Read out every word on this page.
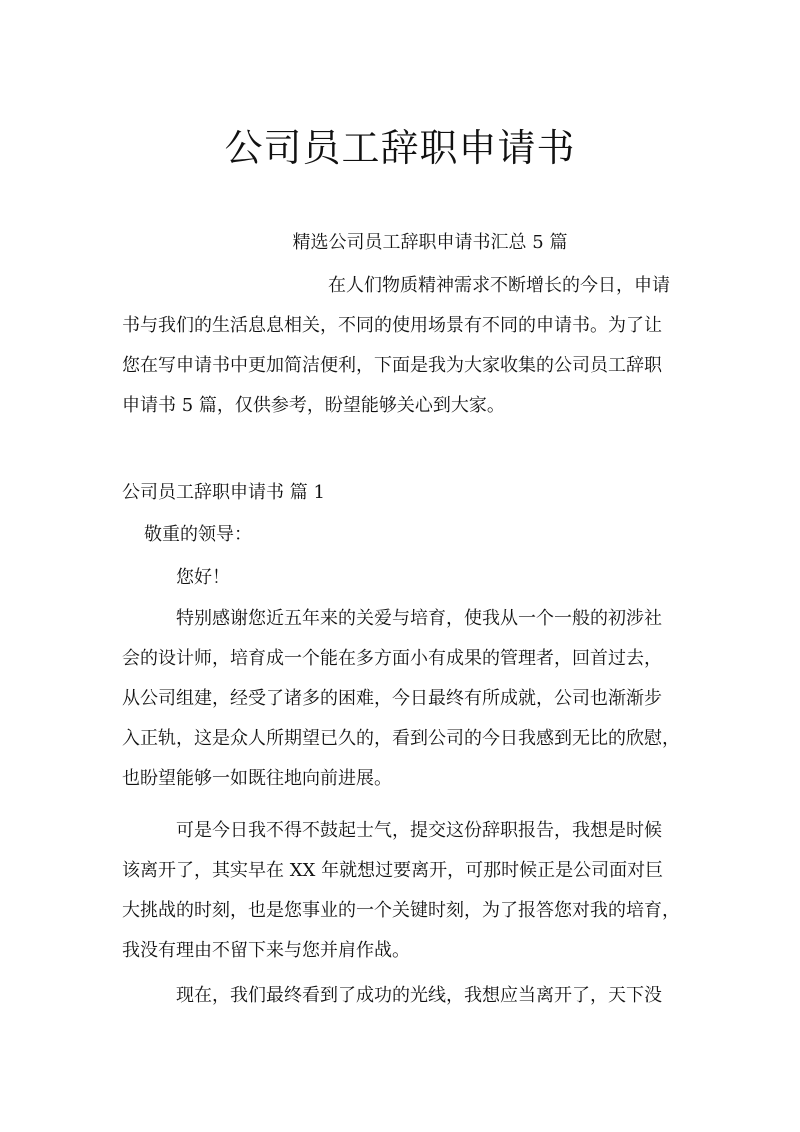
公司员工辞职申请书
精选公司员工辞职申请书汇总 5 篇
在人们物质精神需求不断增长的今日，申请
书与我们的生活息息相关，不同的使用场景有不同的申请书。为了让
您在写申请书中更加简洁便利，下面是我为大家收集的公司员工辞职
申请书 5 篇，仅供参考，盼望能够关心到大家。
公司员工辞职申请书 篇 1
敬重的领导：
您好！
特别感谢您近五年来的关爱与培育，使我从一个一般的初涉社
会的设计师，培育成一个能在多方面小有成果的管理者，回首过去，
从公司组建，经受了诸多的困难，今日最终有所成就，公司也渐渐步
入正轨，这是众人所期望已久的，看到公司的今日我感到无比的欣慰，
也盼望能够一如既往地向前进展。
可是今日我不得不鼓起士气，提交这份辞职报告，我想是时候
该离开了，其实早在 XX 年就想过要离开，可那时候正是公司面对巨
大挑战的时刻，也是您事业的一个关键时刻，为了报答您对我的培育，
我没有理由不留下来与您并肩作战。
现在，我们最终看到了成功的光线，我想应当离开了，天下没
